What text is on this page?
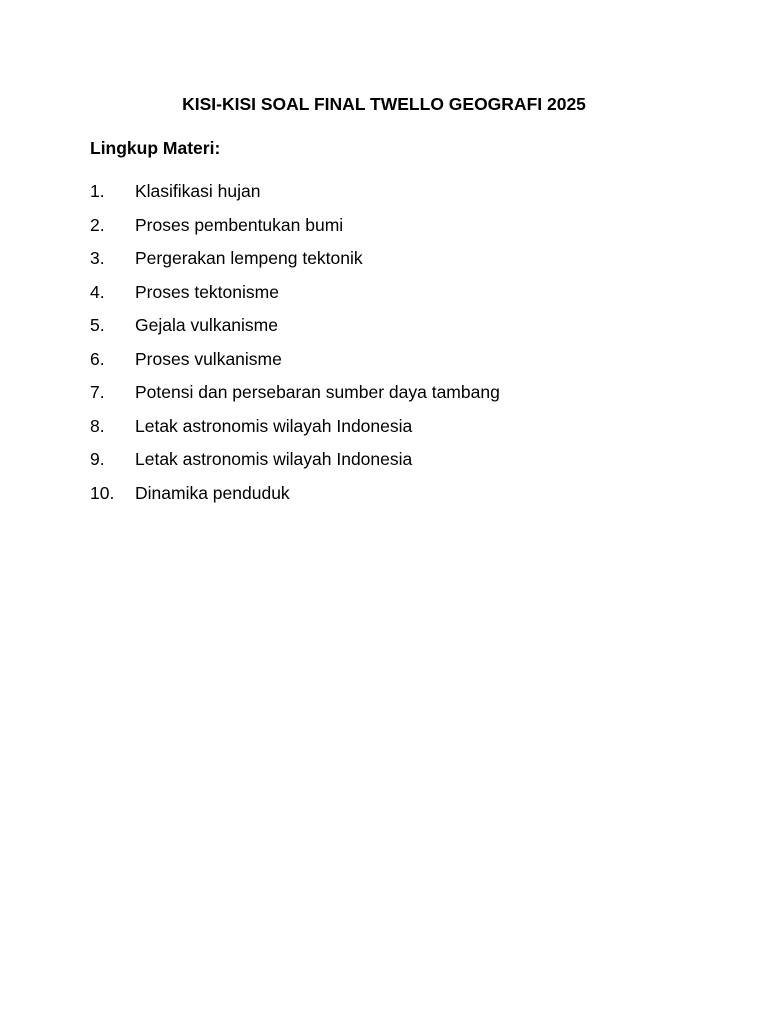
KISI-KISI SOAL FINAL TWELLO GEOGRAFI 2025
Lingkup Materi:
1. Klasifikasi hujan
2. Proses pembentukan bumi
3. Pergerakan lempeng tektonik
4. Proses tektonisme
5. Gejala vulkanisme
6. Proses vulkanisme
7. Potensi dan persebaran sumber daya tambang
8. Letak astronomis wilayah Indonesia
9. Letak astronomis wilayah Indonesia
10. Dinamika penduduk
